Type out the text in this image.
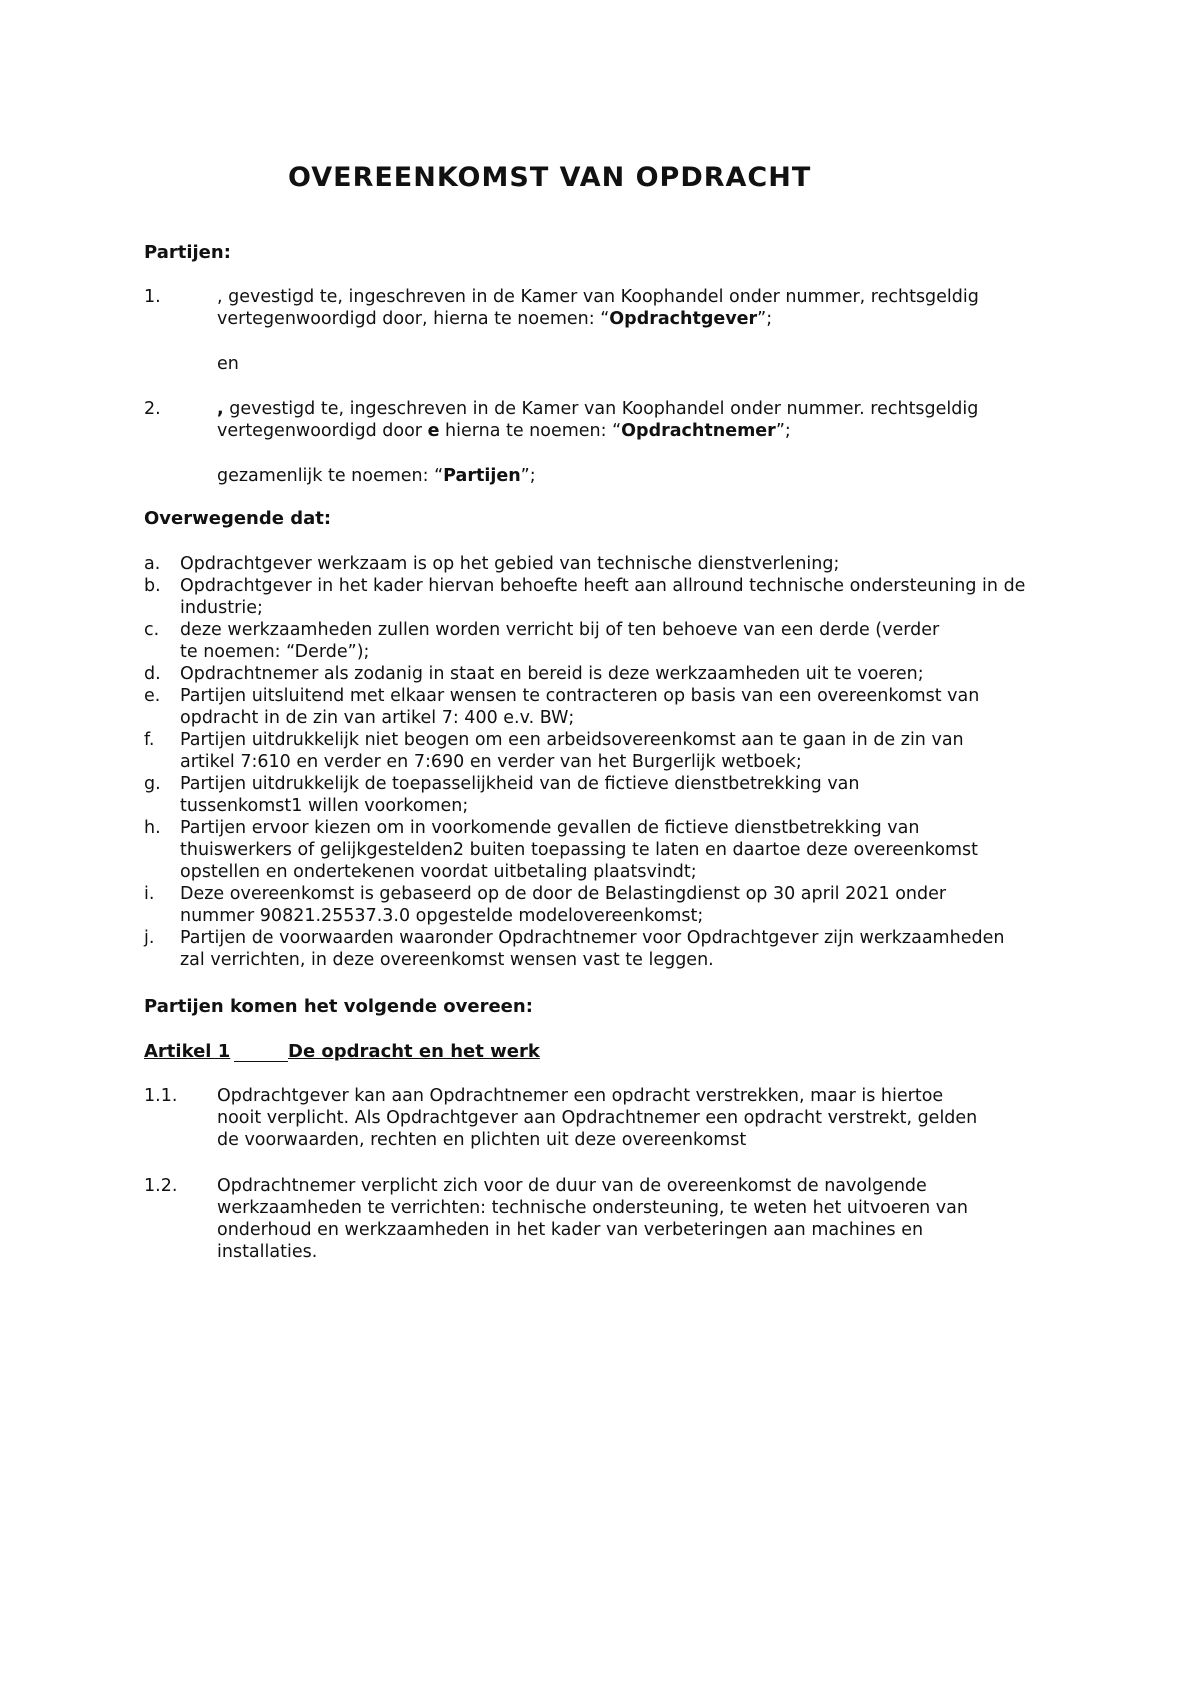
OVEREENKOMST VAN OPDRACHT
Partijen:
1.	, gevestigd te, ingeschreven in de Kamer van Koophandel onder nummer, rechtsgeldig
vertegenwoordigd door, hierna te noemen: “Opdrachtgever”;
en
2.	, gevestigd te, ingeschreven in de Kamer van Koophandel onder nummer. rechtsgeldig
vertegenwoordigd door e hierna te noemen: “Opdrachtnemer”;
gezamenlijk te noemen: “Partijen”;
Overwegende dat:
a. Opdrachtgever werkzaam is op het gebied van technische dienstverlening;
b. Opdrachtgever in het kader hiervan behoefte heeft aan allround technische ondersteuning in de
industrie;
c. deze werkzaamheden zullen worden verricht bij of ten behoeve van een derde (verder
te noemen: “Derde”);
d. Opdrachtnemer als zodanig in staat en bereid is deze werkzaamheden uit te voeren;
e. Partijen uitsluitend met elkaar wensen te contracteren op basis van een overeenkomst van
opdracht in de zin van artikel 7: 400 e.v. BW;
f. Partijen uitdrukkelijk niet beogen om een arbeidsovereenkomst aan te gaan in de zin van
artikel 7:610 en verder en 7:690 en verder van het Burgerlijk wetboek;
g. Partijen uitdrukkelijk de toepasselijkheid van de fictieve dienstbetrekking van
tussenkomst1 willen voorkomen;
h. Partijen ervoor kiezen om in voorkomende gevallen de fictieve dienstbetrekking van
thuiswerkers of gelijkgestelden2 buiten toepassing te laten en daartoe deze overeenkomst
opstellen en ondertekenen voordat uitbetaling plaatsvindt;
i. Deze overeenkomst is gebaseerd op de door de Belastingdienst op 30 april 2021 onder
nummer 90821.25537.3.0 opgestelde modelovereenkomst;
j. Partijen de voorwaarden waaronder Opdrachtnemer voor Opdrachtgever zijn werkzaamheden
zal verrichten, in deze overeenkomst wensen vast te leggen.
Partijen komen het volgende overeen:
Artikel 1	De opdracht en het werk
1.1. Opdrachtgever kan aan Opdrachtnemer een opdracht verstrekken, maar is hiertoe
nooit verplicht. Als Opdrachtgever aan Opdrachtnemer een opdracht verstrekt, gelden
de voorwaarden, rechten en plichten uit deze overeenkomst
1.2. Opdrachtnemer verplicht zich voor de duur van de overeenkomst de navolgende
werkzaamheden te verrichten: technische ondersteuning, te weten het uitvoeren van
onderhoud en werkzaamheden in het kader van verbeteringen aan machines en
installaties.
